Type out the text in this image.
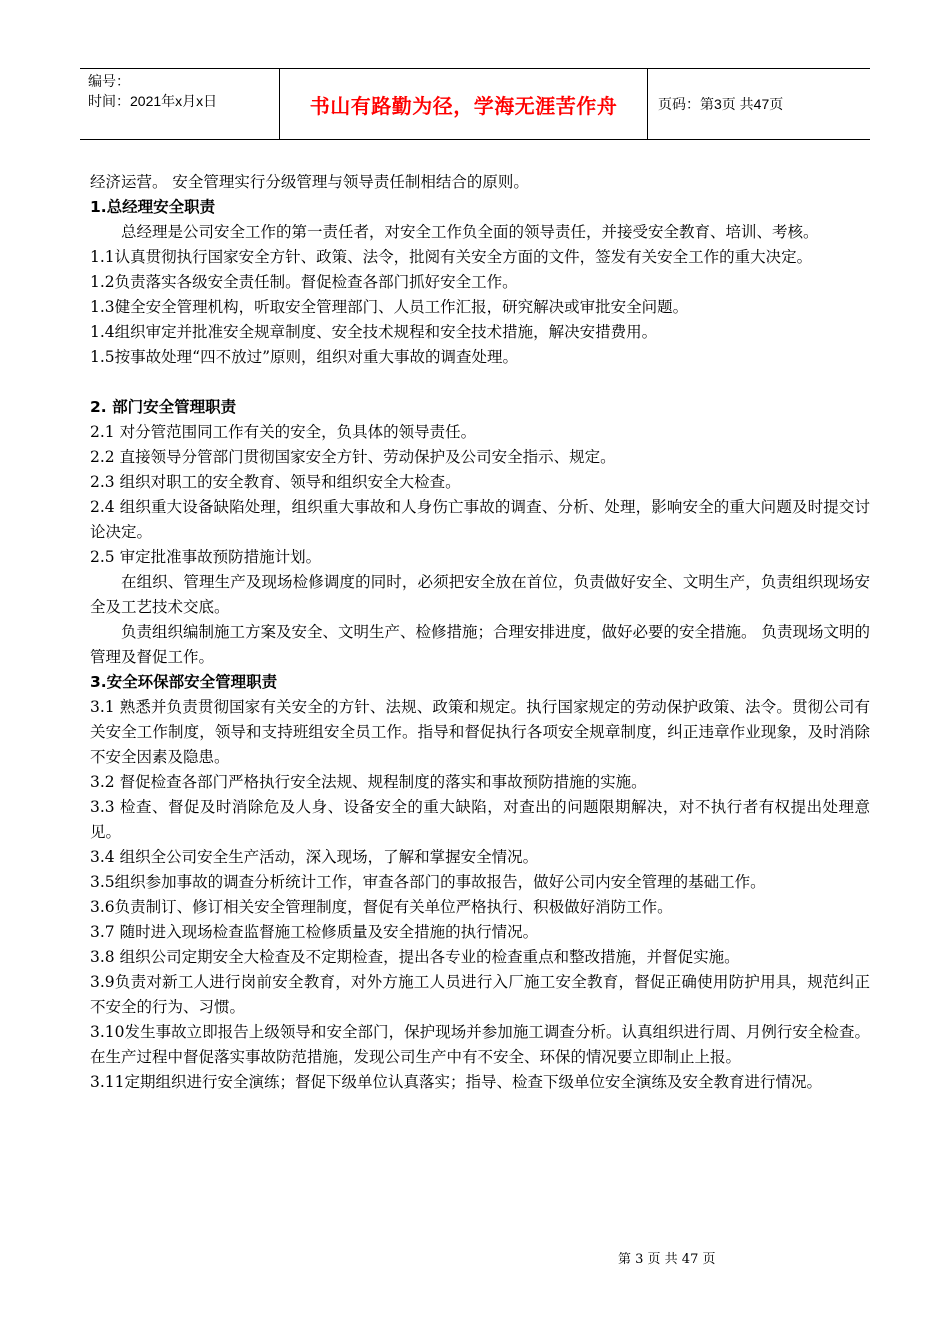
编号：
时间：2021年x月x日	书山有路勤为径，学海无涯苦作舟	页码：第3页 共47页

经济运营。 安全管理实行分级管理与领导责任制相结合的原则。

1.总经理安全职责

总经理是公司安全工作的第一责任者，对安全工作负全面的领导责任，并接受安全教育、培训、考核。

1.1认真贯彻执行国家安全方针、政策、法令，批阅有关安全方面的文件，签发有关安全工作的重大决定。

1.2负责落实各级安全责任制。督促检查各部门抓好安全工作。

1.3健全安全管理机构，听取安全管理部门、人员工作汇报，研究解决或审批安全问题。

1.4组织审定并批准安全规章制度、安全技术规程和安全技术措施，解决安措费用。

1.5按事故处理“四不放过”原则，组织对重大事故的调查处理。

2. 部门安全管理职责

2.1 对分管范围同工作有关的安全，负具体的领导责任。

2.2 直接领导分管部门贯彻国家安全方针、劳动保护及公司安全指示、规定。

2.3 组织对职工的安全教育、领导和组织安全大检查。

2.4 组织重大设备缺陷处理，组织重大事故和人身伤亡事故的调查、分析、处理，影响安全的重大问题及时提交讨论决定。

2.5 审定批准事故预防措施计划。

在组织、管理生产及现场检修调度的同时，必须把安全放在首位，负责做好安全、文明生产，负责组织现场安全及工艺技术交底。

负责组织编制施工方案及安全、文明生产、检修措施；合理安排进度，做好必要的安全措施。 负责现场文明的管理及督促工作。

3.安全环保部安全管理职责

3.1 熟悉并负责贯彻国家有关安全的方针、法规、政策和规定。执行国家规定的劳动保护政策、法令。贯彻公司有关安全工作制度，领导和支持班组安全员工作。指导和督促执行各项安全规章制度，纠正违章作业现象，及时消除不安全因素及隐患。

3.2 督促检查各部门严格执行安全法规、规程制度的落实和事故预防措施的实施。

3.3 检查、督促及时消除危及人身、设备安全的重大缺陷，对查出的问题限期解决，对不执行者有权提出处理意见。

3.4 组织全公司安全生产活动，深入现场，了解和掌握安全情况。

3.5组织参加事故的调查分析统计工作，审查各部门的事故报告，做好公司内安全管理的基础工作。

3.6负责制订、修订相关安全管理制度，督促有关单位严格执行、积极做好消防工作。

3.7 随时进入现场检查监督施工检修质量及安全措施的执行情况。

3.8 组织公司定期安全大检查及不定期检查，提出各专业的检查重点和整改措施，并督促实施。

3.9负责对新工人进行岗前安全教育，对外方施工人员进行入厂施工安全教育，督促正确使用防护用具，规范纠正不安全的行为、习惯。

3.10发生事故立即报告上级领导和安全部门，保护现场并参加施工调查分析。认真组织进行周、月例行安全检查。在生产过程中督促落实事故防范措施，发现公司生产中有不安全、环保的情况要立即制止上报。

3.11定期组织进行安全演练；督促下级单位认真落实；指导、检查下级单位安全演练及安全教育进行情况。

第 3 页 共 47 页
